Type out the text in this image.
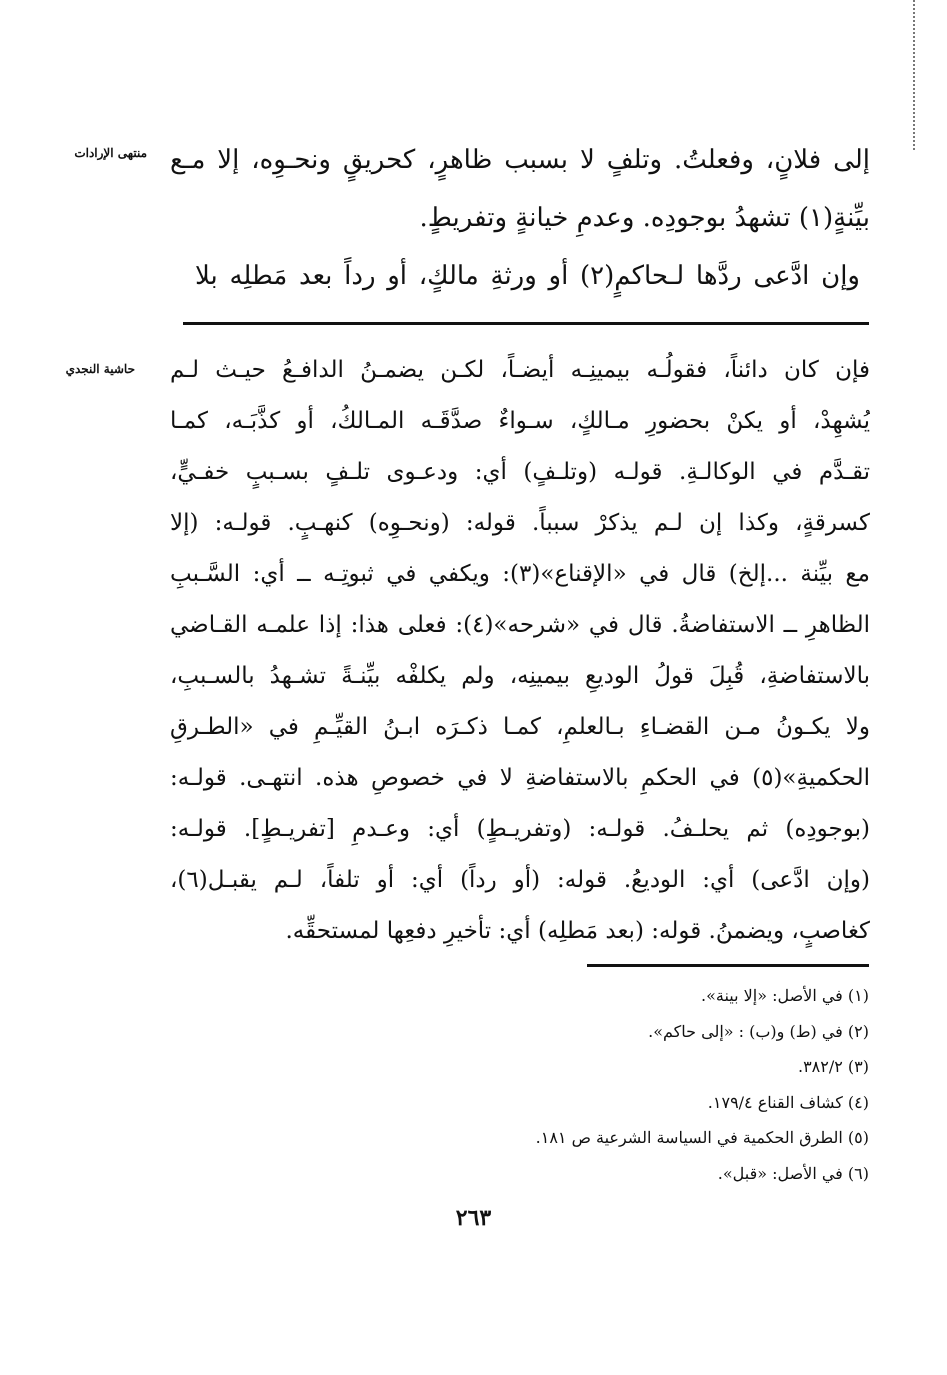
منتهى الإرادات إلى فلانٍ، وفعلتُ. وتلفٍ لا بسبب ظاهرٍ، كحريقٍ ونحـوِه، إلا مـع
بيِّنةٍ(١) تشهدُ بوجودِه. وعدمِ خيانةٍ وتفريطٍ.
وإن ادَّعى ردَّها لـحاكمٍ(٢) أو ورثةِ مالكٍ، أو رداً بعد مَطلِه بلا
حاشية النجدي فإن كان دائناً، فقولُـه بيمينِـه أيضـاً، لكـن يضمـنُ الدافـعُ حيـث لـم
يُشهِدْ، أو يكنْ بحضورِ مـالكٍ، سـواءٌ صدَّقَـه المـالكُ، أو كذَّبَـه، كمـا
تقـدَّم في الوكالـةِ. قولـه (وتلـفٍ) أي: ودعـوى تلـفٍ بسـببٍ خفـيٍّ،
كسرقةٍ، وكذا إن لـم يذكرْ سبباً. قوله: (ونحـوِه) كنهـبٍ. قولـه: (إلا
مع بيِّنة ...إلخ) قال في «الإقناع»(٣): ويكفي في ثبوتِـه ــ أي: السَّـببِ
الظاهرِ ــ الاستفاضةُ. قال في «شرحه»(٤): فعلى هذا: إذا علمـه القـاضي
بالاستفاضةِ، قُبِلَ قولُ الوديعِ بيمينِه، ولم يكلفْه بيِّنـةً تشـهدُ بالسـببِ،
ولا يكـونُ مـن القضـاءِ بـالعلمِ، كمـا ذكـرَه ابـنُ القيِّـمِ في «الطـرقِ
الحكميةِ»(٥) في الحكمِ بالاستفاضةِ لا في خصوصِ هذه. انتهـى. قولـه:
(بوجودِه) ثم يحلـفُ. قولـه: (وتفريـطٍ) أي: وعـدمِ [تفريـطٍ]. قولـه:
(وإن ادَّعى) أي: الوديعُ. قوله: (أو رداً) أي: أو تلفاً، لـم يقبـل(٦)،
كغاصبٍ، ويضمنُ. قوله: (بعد مَطلِه) أي: تأخيرِ دفعِها لمستحقِّه.
(١) في الأصل: «إلا بينة».
(٢) في (ط) و(ب) : «إلى حاكم».
(٣) ٣٨٢/٢.
(٤) كشاف القناع ١٧٩/٤.
(٥) الطرق الحكمية في السياسة الشرعية ص ١٨١.
(٦) في الأصل: «قبل».
٢٦٣
